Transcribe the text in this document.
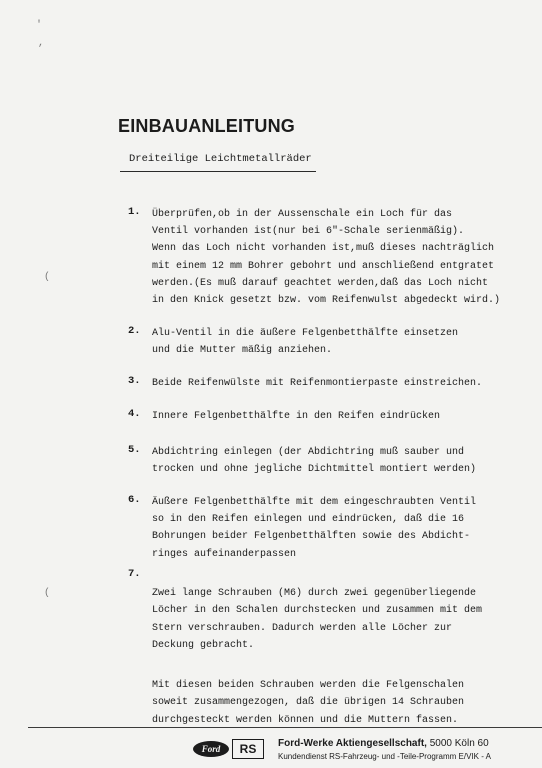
EINBAUANLEITUNG
Dreiteilige Leichtmetallräder
1.	Überprüfen,ob in der Aussenschale ein Loch für das
Ventil vorhanden ist(nur bei 6"-Schale serienmäßig).
Wenn das Loch nicht vorhanden ist,muß dieses nachträglich
mit einem 12 mm Bohrer gebohrt und anschließend entgratet
werden.(Es muß darauf geachtet werden,daß das Loch nicht
in den Knick gesetzt bzw. vom Reifenwulst abgedeckt wird.)
2.	Alu-Ventil in die äußere Felgenbetthälfte einsetzen
und die Mutter mäßig anziehen.
3.	Beide Reifenwülste mit Reifenmontierpaste einstreichen.
4.	Innere Felgenbetthälfte in den Reifen eindrücken
5.	Abdichtring einlegen (der Abdichtring muß sauber und
trocken und ohne jegliche Dichtmittel montiert werden)
6.	Äußere Felgenbetthälfte mit dem eingeschraubten Ventil
so in den Reifen einlegen und eindrücken, daß die 16
Bohrungen beider Felgenbetthälften sowie des Abdicht-
ringes aufeinanderpassen
7.

Zwei lange Schrauben (M6) durch zwei gegenüberliegende
Löcher in den Schalen durchstecken und zusammen mit dem
Stern verschrauben. Dadurch werden alle Löcher zur
Deckung gebracht.

Mit diesen beiden Schrauben werden die Felgenschalen
soweit zusammengezogen, daß die übrigen 14 Schrauben
durchgesteckt werden können und die Muttern fassen.

'
,
(
(
Ford	RS	Ford-Werke Aktiengesellschaft, 5000 Köln 60
Kundendienst RS-Fahrzeug- und -Teile-Programm E/VIK - A
